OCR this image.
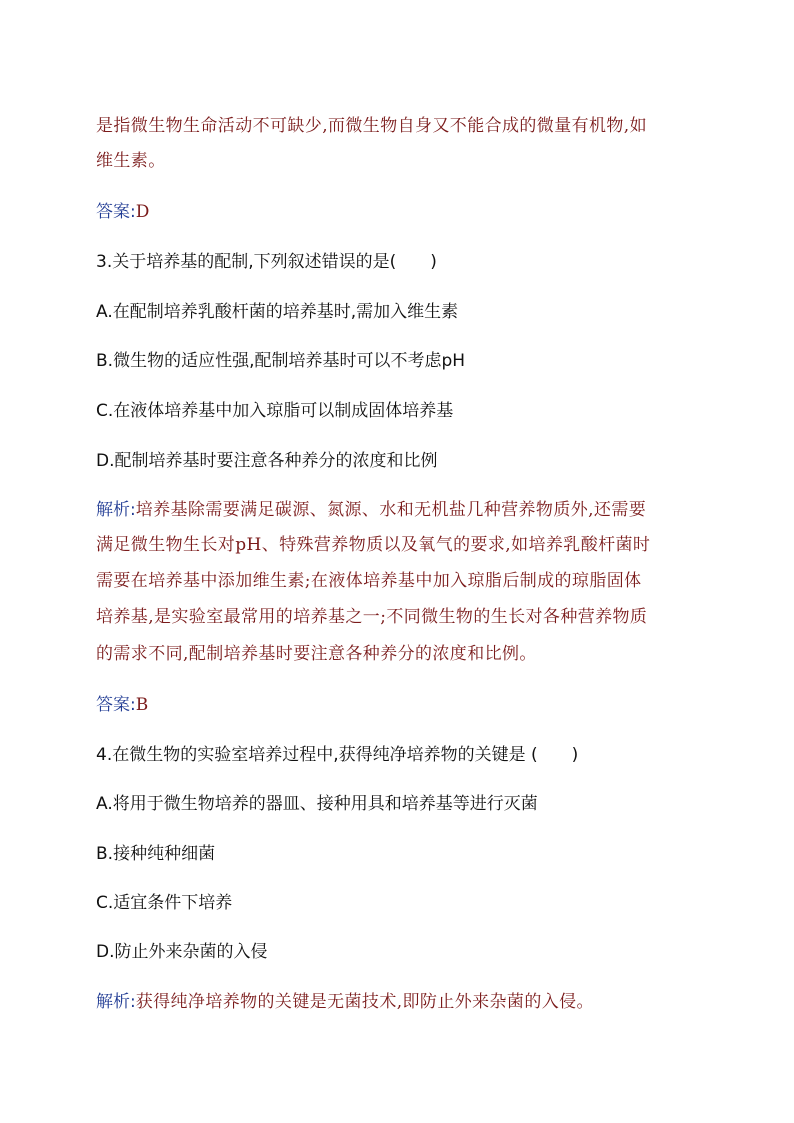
是指微生物生命活动不可缺少,而微生物自身又不能合成的微量有机物,如
维生素。
答案:D
3.关于培养基的配制,下列叙述错误的是(　　)
A.在配制培养乳酸杆菌的培养基时,需加入维生素
B.微生物的适应性强,配制培养基时可以不考虑pH
C.在液体培养基中加入琼脂可以制成固体培养基
D.配制培养基时要注意各种养分的浓度和比例
解析:培养基除需要满足碳源、氮源、水和无机盐几种营养物质外,还需要
满足微生物生长对pH、特殊营养物质以及氧气的要求,如培养乳酸杆菌时
需要在培养基中添加维生素;在液体培养基中加入琼脂后制成的琼脂固体
培养基,是实验室最常用的培养基之一;不同微生物的生长对各种营养物质
的需求不同,配制培养基时要注意各种养分的浓度和比例。
答案:B
4.在微生物的实验室培养过程中,获得纯净培养物的关键是 (　　)
A.将用于微生物培养的器皿、接种用具和培养基等进行灭菌
B.接种纯种细菌
C.适宜条件下培养
D.防止外来杂菌的入侵
解析:获得纯净培养物的关键是无菌技术,即防止外来杂菌的入侵。
